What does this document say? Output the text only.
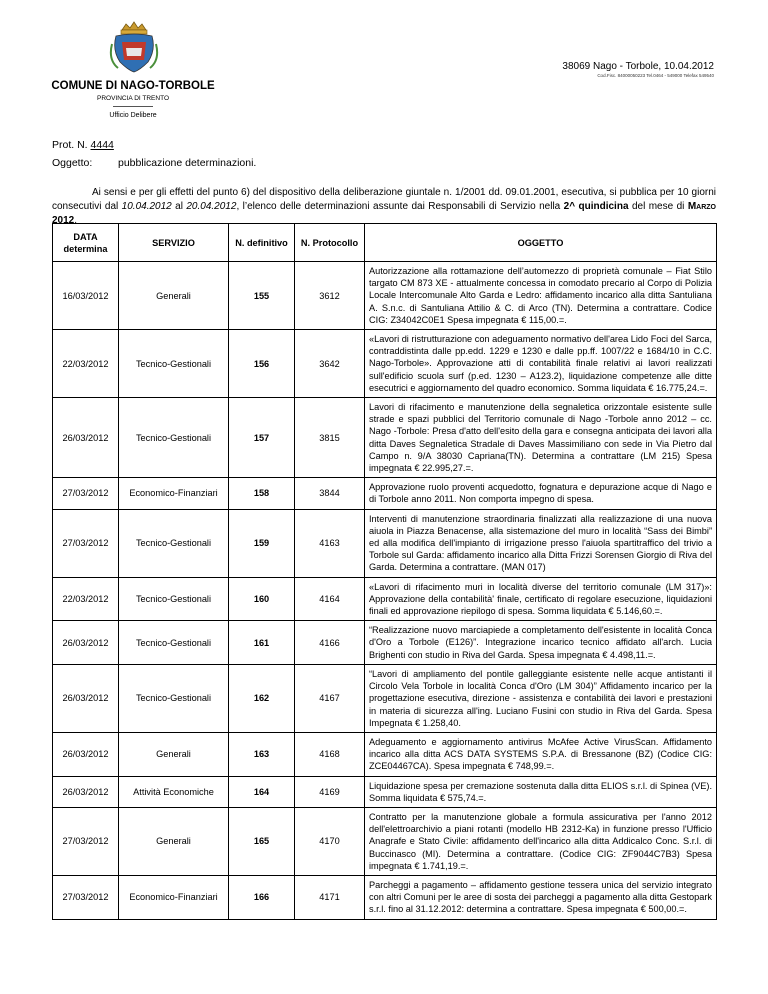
38069 Nago - Torbole, 10.04.2012
Cod.Fisc. 84000050223 Tel.0464 - 549000 Telefax 549540
COMUNE DI NAGO-TORBOLE
PROVINCIA DI TRENTO
Ufficio Delibere
Prot. N. 4444
Oggetto: pubblicazione determinazioni.
Ai sensi e per gli effetti del punto 6) del dispositivo della deliberazione giuntale n. 1/2001 dd. 09.01.2001, esecutiva, si pubblica per 10 giorni consecutivi dal 10.04.2012 al 20.04.2012, l’elenco delle determinazioni assunte dai Responsabili di Servizio nella 2^ quindicina del mese di Marzo 2012.
DATA determina	SERVIZIO	N. definitivo	N. Protocollo	OGGETTO
16/03/2012	Generali	155	3612	Autorizzazione alla rottamazione dell’automezzo di proprietà comunale – Fiat Stilo targato CM 873 XE - attualmente concessa in comodato precario al Corpo di Polizia Locale Intercomunale Alto Garda e Ledro: affidamento incarico alla ditta Santuliana A. S.n.c. di Santuliana Attilio & C. di Arco (TN). Determina a contrattare. Codice CIG: Z34042C0E1 Spesa impegnata € 115,00.=.
22/03/2012	Tecnico-Gestionali	156	3642	«Lavori di ristrutturazione con adeguamento normativo dell'area Lido Foci del Sarca, contraddistinta dalle pp.edd. 1229 e 1230 e dalle pp.ff. 1007/22 e 1684/10 in C.C. Nago-Torbole». Approvazione atti di contabilità finale relativi ai lavori realizzati sull'edificio scuola surf (p.ed. 1230 – A123.2), liquidazione competenze alle ditte esecutrici e aggiornamento del quadro economico. Somma liquidata € 16.775,24.=.
26/03/2012	Tecnico-Gestionali	157	3815	Lavori di rifacimento e manutenzione della segnaletica orizzontale esistente sulle strade e spazi pubblici del Territorio comunale di Nago -Torbole anno 2012 – cc. Nago -Torbole: Presa d'atto dell'esito della gara e consegna anticipata dei lavori alla ditta Daves Segnaletica Stradale di Daves Massimiliano con sede in Via Pietro dal Campo n. 9/A 38030 Capriana(TN). Determina a contrattare (LM 215) Spesa impegnata € 22.995,27.=.
27/03/2012	Economico-Finanziari	158	3844	Approvazione ruolo proventi acquedotto, fognatura e depurazione acque di Nago e di Torbole anno 2011. Non comporta impegno di spesa.
27/03/2012	Tecnico-Gestionali	159	4163	Interventi di manutenzione straordinaria finalizzati alla realizzazione di una nuova aiuola in Piazza Benacense, alla sistemazione del muro in località “Sass dei Bimbi” ed alla modifica dell'impianto di irrigazione presso l'aiuola spartitraffico del trivio a Torbole sul Garda: affidamento incarico alla Ditta Frizzi Sorensen Giorgio di Riva del Garda. Determina a contrattare. (MAN 017)
22/03/2012	Tecnico-Gestionali	160	4164	«Lavori di rifacimento muri in località diverse del territorio comunale (LM 317)»: Approvazione della contabilità' finale, certificato di regolare esecuzione, liquidazioni finali ed approvazione riepilogo di spesa. Somma liquidata € 5.146,60.=.
26/03/2012	Tecnico-Gestionali	161	4166	“Realizzazione nuovo marciapiede a completamento dell'esistente in località Conca d'Oro a Torbole (E126)”. Integrazione incarico tecnico affidato all'arch. Lucia Brighenti con studio in Riva del Garda. Spesa impegnata € 4.498,11.=.
26/03/2012	Tecnico-Gestionali	162	4167	“Lavori di ampliamento del pontile galleggiante esistente nelle acque antistanti il Circolo Vela Torbole in località Conca d'Oro (LM 304)” Affidamento incarico per la progettazione esecutiva, direzione - assistenza e contabilità dei lavori e prestazioni in materia di sicurezza all'ing. Luciano Fusini con studio in Riva del Garda. Spesa Impegnata € 1.258,40.
26/03/2012	Generali	163	4168	Adeguamento e aggiornamento antivirus McAfee Active VirusScan. Affidamento incarico alla ditta ACS DATA SYSTEMS S.P.A. di Bressanone (BZ) (Codice CIG: ZCE04467CA). Spesa impegnata € 748,99.=.
26/03/2012	Attività Economiche	164	4169	Liquidazione spesa per cremazione sostenuta dalla ditta ELIOS s.r.l. di Spinea (VE). Somma liquidata € 575,74.=.
27/03/2012	Generali	165	4170	Contratto per la manutenzione globale a formula assicurativa per l'anno 2012 dell'elettroarchivio a piani rotanti (modello HB 2312-Ka) in funzione presso l'Ufficio Anagrafe e Stato Civile: affidamento dell'incarico alla ditta Addicalco Conc. S.r.l. di Buccinasco (MI). Determina a contrattare. (Codice CIG: ZF9044C7B3) Spesa impegnata € 1.741,19.=.
27/03/2012	Economico-Finanziari	166	4171	Parcheggi a pagamento – affidamento gestione tessera unica del servizio integrato con altri Comuni per le aree di sosta dei parcheggi a pagamento alla ditta Gestopark s.r.l. fino al 31.12.2012: determina a contrattare. Spesa impegnata € 500,00.=.
